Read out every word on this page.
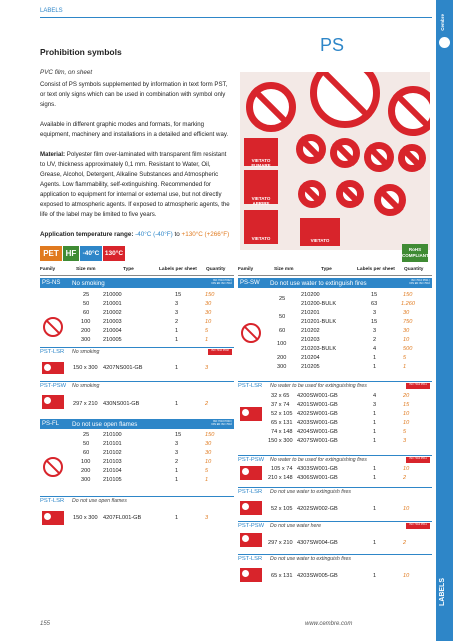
Cembre
LABELS
LABELS
Prohibition symbols	PS
PVC film, on sheet
Consist of PS symbols supplemented by information in text form PST, or text only signs which can be used in combination with symbol only signs.
Available in different graphic modes and formats, for marking equipment, machinery and installations in a detailed and efficient way.
Material: Polyester film over-laminated with transparent film resistant to UV, thickness approximately 0,1 mm. Resistant to Water, Oil, Grease, Alcohol, Detergent, Alkaline Substances and Atmospheric Agents. Low flammability, self-extinguishing. Recommended for application to equipment for internal or external use, but not directly exposed to atmospheric agents. If exposed to atmospheric agents, the life of the label may be limited to five years.
Application temperature range: -40°C (-40°F) to +130°C (+266°F)
VIETATO FUMARE
VIETATO APRIRE
VIETATO	VIETATO
PET HF -40°C 130°C
RoHS COMPLIANT
Family	Size mm	Type	Labels per sheet Quantity
PS-NS No smoking	ISO 7010 P002 | DIN EN ISO 7010
25 210000	15	150
50 210001	3	30
60 210002	3	30
100 210003	2	10
200 210004	1	5
300 210005	1	1
PST-LSR No smoking	ISO 7010 P002
150 x 300 4207NS001-GB	1	3
PST-PSW No smoking
297 x 210 430NS001-GB	1	2
PS-FL Do not use open flames	ISO 7010 P003 | DIN EN ISO 7010
25 210100	15	150
50 210101	3	30
60 210102	3	30
100 210103	2	10
200 210104	1	5
300 210105	1	1
PST-LSR Do not use open flames
150 x 300 4207FL001-GB	1	3
Family	Size mm	Type	Labels per sheet Quantity
PS-SW Do not use water to extinguish fires	ISO 7010 P011 | DIN EN ISO 7010
25
210200	15	150
210200-BULK	63	1.260
50
210201	3	30
210201-BULK	15	750
60	210202	3	30
100
210203	2	10
210203-BULK	4	500
200	210204	1	5
300	210205	1	1
PST-LSR No water to be used for extinguishing fires	ISO 7010 P011
32 x 65 4200SW001-GB	4	20
37 x 74 4201SW001-GB	3	15
52 x 105 4202SW001-GB	1	10
65 x 131 4203SW001-GB	1	10
74 x 148 4204SW001-GB	1	5
150 x 300 4207SW001-GB	1	3
PST-PSW No water to be used for extinguishing fires	ISO 7010 P011
105 x 74 4303SW001-GB	1	10
210 x 148 4306SW001-GB	1	2
PST-LSR Do not use water to extinguish fires
52 x 105 4202SW002-GB	1	10
PST-PSW Do not use water here	ISO 7010 P011
297 x 210 4307SW004-GB	1	2
PST-LSR Do not use water to extinguish fires
65 x 131 4203SW005-GB	1	10
155	www.cembre.com
